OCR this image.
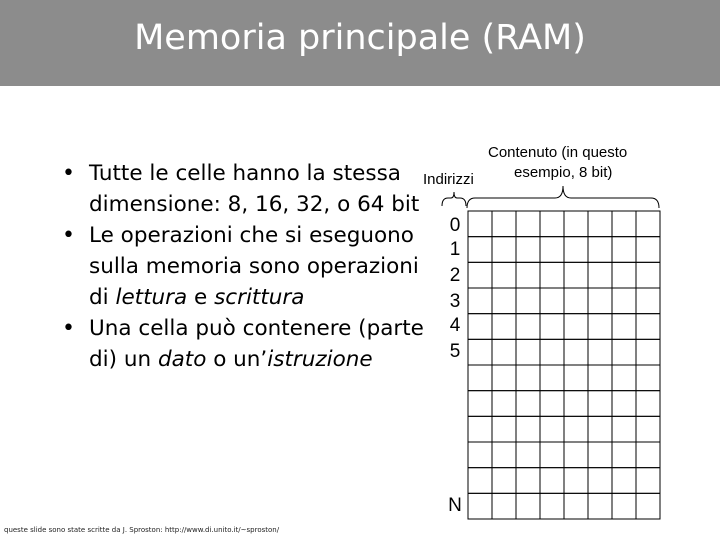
Memoria principale (RAM)
• Tutte le celle hanno la stessa dimensione: 8, 16, 32, o 64 bit
• Le operazioni che si eseguono sulla memoria sono operazioni di lettura e scrittura
• Una cella può contenere (parte di) un dato o un’istruzione
Contenuto (in questo
esempio, 8 bit)
Indirizzi
0
1
2
3
4
5
N
queste slide sono state scritte da J. Sproston: http://www.di.unito.it/~sproston/
